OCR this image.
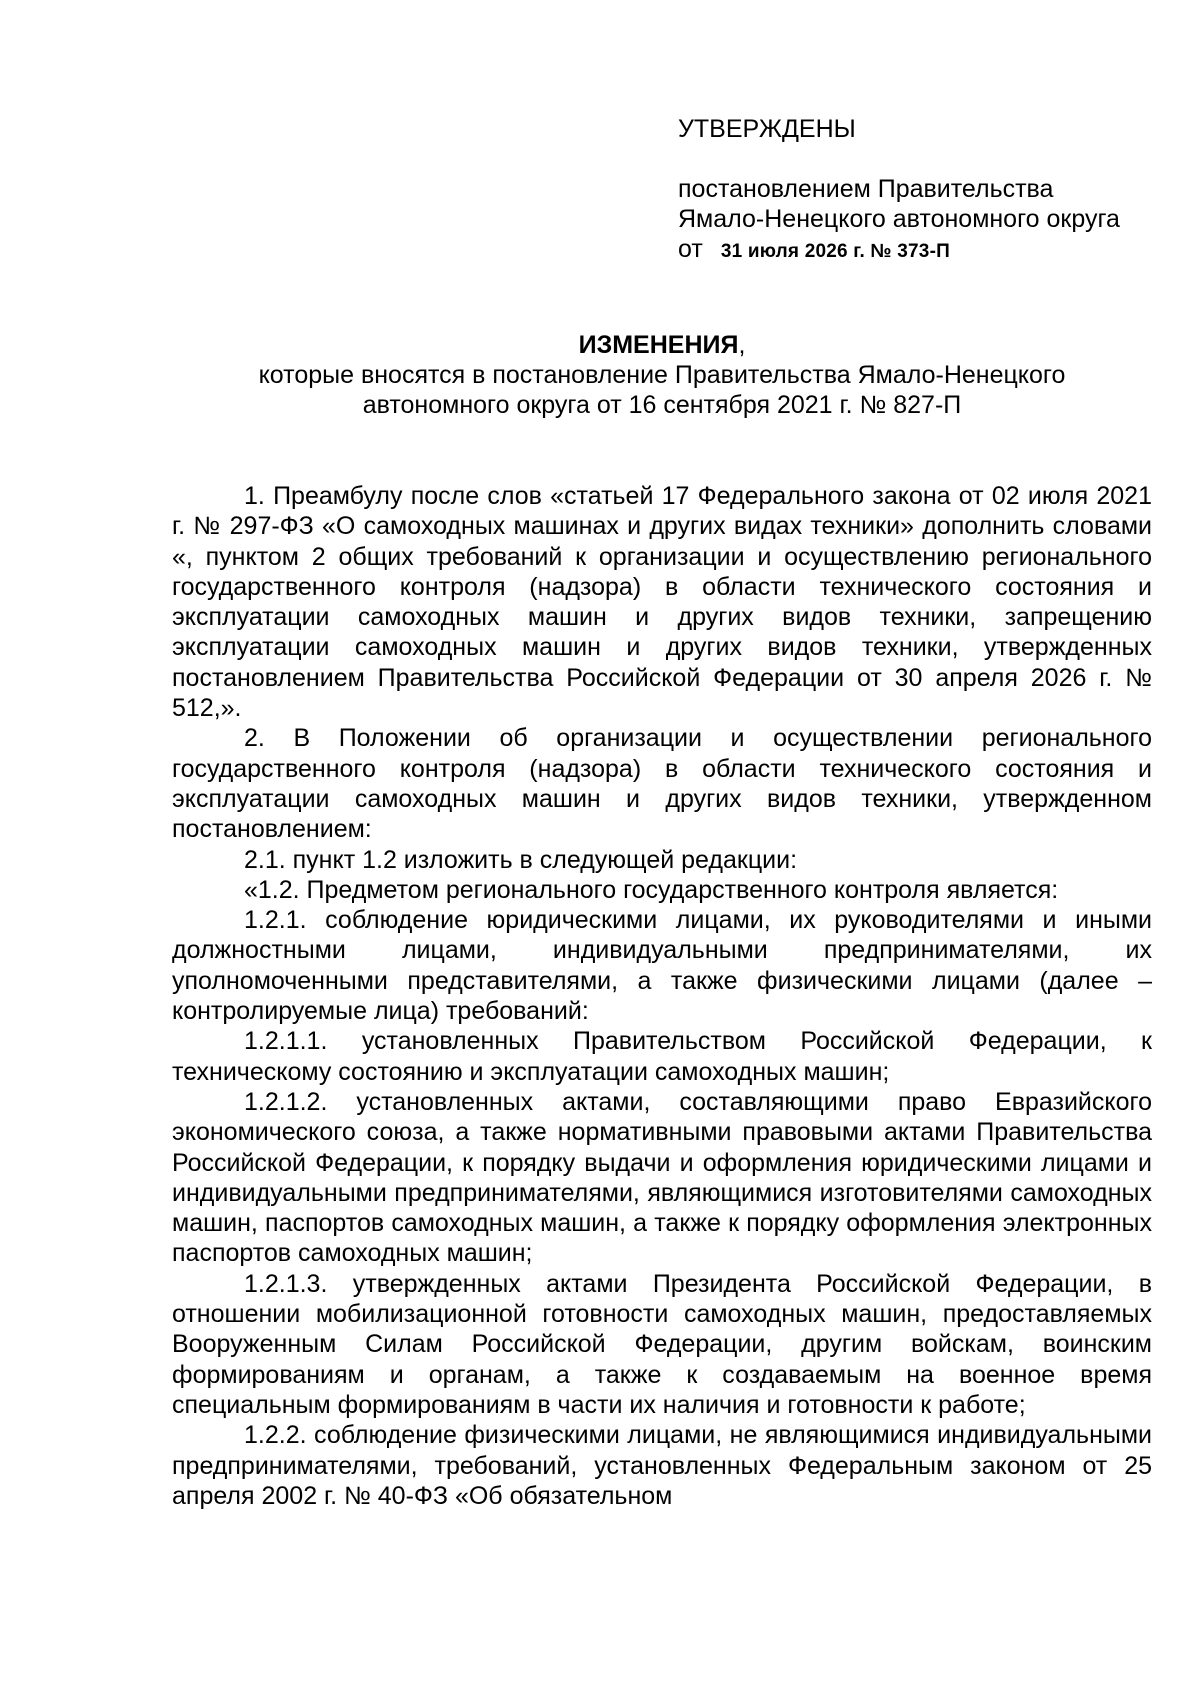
УТВЕРЖДЕНЫ
постановлением Правительства
Ямало-Ненецкого автономного округа
от 31 июля 2026 г. № 373-П
ИЗМЕНЕНИЯ,
которые вносятся в постановление Правительства Ямало-Ненецкого
автономного округа от 16 сентября 2021 г. № 827-П

1. Преамбулу после слов «статьей 17 Федерального закона от 02 июля 2021 г. № 297-ФЗ «О самоходных машинах и других видах техники» дополнить словами «, пунктом 2 общих требований к организации и осуществлению регионального государственного контроля (надзора) в области технического состояния и эксплуатации самоходных машин и других видов техники, запрещению эксплуатации самоходных машин и других видов техники, утвержденных постановлением Правительства Российской Федерации от 30 апреля 2026 г. № 512,».

2. В Положении об организации и осуществлении регионального государственного контроля (надзора) в области технического состояния и эксплуатации самоходных машин и других видов техники, утвержденном постановлением:

2.1. пункт 1.2 изложить в следующей редакции:

«1.2. Предметом регионального государственного контроля является:

1.2.1. соблюдение юридическими лицами, их руководителями и иными должностными лицами, индивидуальными предпринимателями, их уполномоченными представителями, а также физическими лицами (далее – контролируемые лица) требований:

1.2.1.1. установленных Правительством Российской Федерации, к техническому состоянию и эксплуатации самоходных машин;

1.2.1.2. установленных актами, составляющими право Евразийского экономического союза, а также нормативными правовыми актами Правительства Российской Федерации, к порядку выдачи и оформления юридическими лицами и индивидуальными предпринимателями, являющимися изготовителями самоходных машин, паспортов самоходных машин, а также к порядку оформления электронных паспортов самоходных машин;

1.2.1.3. утвержденных актами Президента Российской Федерации, в отношении мобилизационной готовности самоходных машин, предоставляемых Вооруженным Силам Российской Федерации, другим войскам, воинским формированиям и органам, а также к создаваемым на военное время специальным формированиям в части их наличия и готовности к работе;

1.2.2. соблюдение физическими лицами, не являющимися индивидуальными предпринимателями, требований, установленных Федеральным законом от 25 апреля 2002 г. № 40-ФЗ «Об обязательном
